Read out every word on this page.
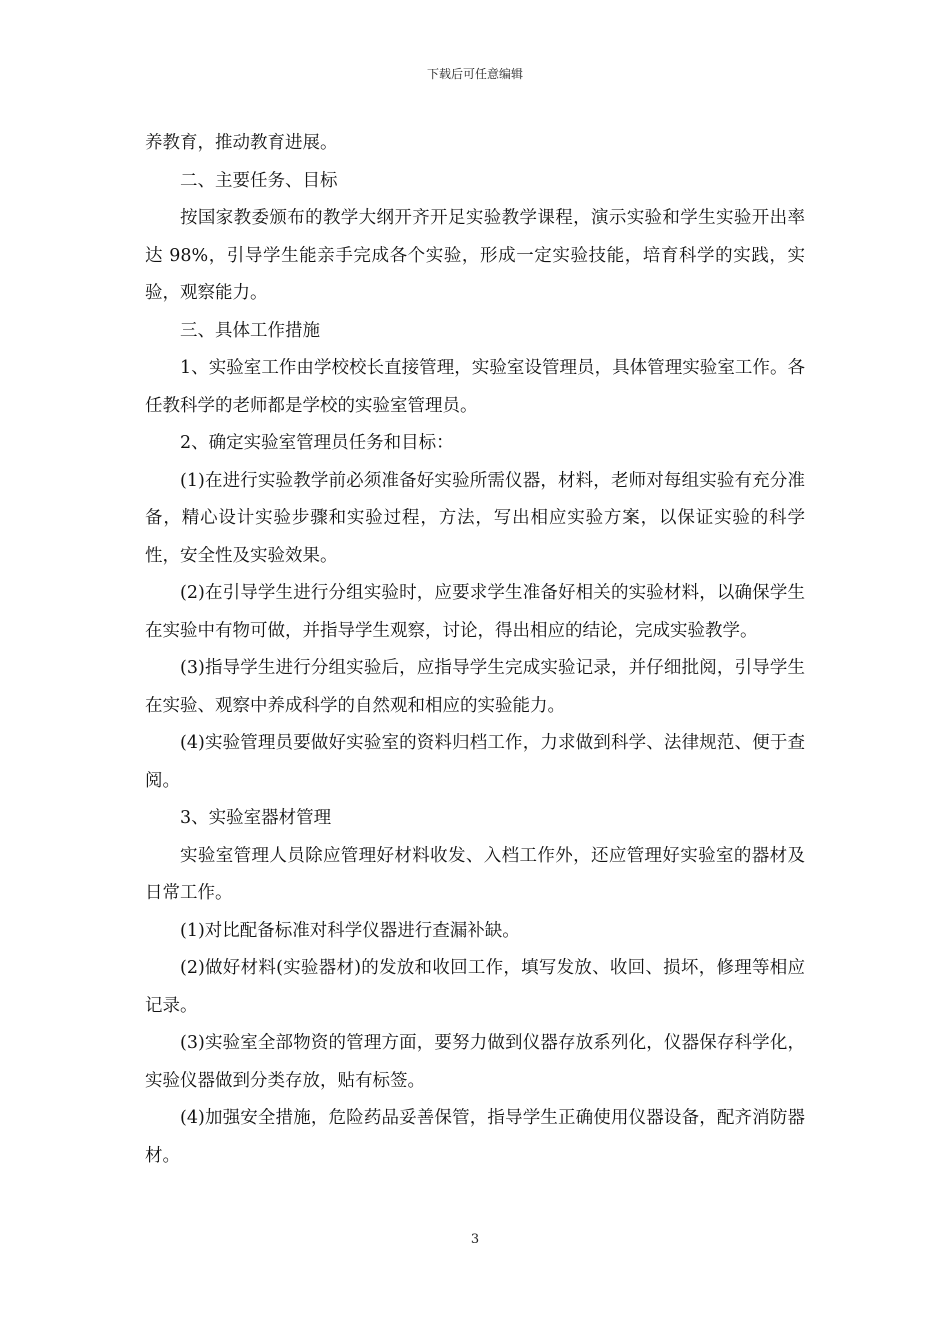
下载后可任意编辑

养教育，推动教育进展。

二、主要任务、目标

按国家教委颁布的教学大纲开齐开足实验教学课程，演示实验和学生实验开出率达 98%，引导学生能亲手完成各个实验，形成一定实验技能，培育科学的实践，实验，观察能力。

三、具体工作措施

1、实验室工作由学校校长直接管理，实验室设管理员，具体管理实验室工作。各任教科学的老师都是学校的实验室管理员。

2、确定实验室管理员任务和目标：

(1)在进行实验教学前必须准备好实验所需仪器，材料，老师对每组实验有充分准备，精心设计实验步骤和实验过程，方法，写出相应实验方案，以保证实验的科学性，安全性及实验效果。

(2)在引导学生进行分组实验时，应要求学生准备好相关的实验材料，以确保学生在实验中有物可做，并指导学生观察，讨论，得出相应的结论，完成实验教学。

(3)指导学生进行分组实验后，应指导学生完成实验记录，并仔细批阅，引导学生在实验、观察中养成科学的自然观和相应的实验能力。

(4)实验管理员要做好实验室的资料归档工作，力求做到科学、法律规范、便于查阅。

3、实验室器材管理

实验室管理人员除应管理好材料收发、入档工作外，还应管理好实验室的器材及日常工作。

(1)对比配备标准对科学仪器进行查漏补缺。

(2)做好材料(实验器材)的发放和收回工作，填写发放、收回、损坏，修理等相应记录。

(3)实验室全部物资的管理方面，要努力做到仪器存放系列化，仪器保存科学化，实验仪器做到分类存放，贴有标签。

(4)加强安全措施，危险药品妥善保管，指导学生正确使用仪器设备，配齐消防器材。

3
